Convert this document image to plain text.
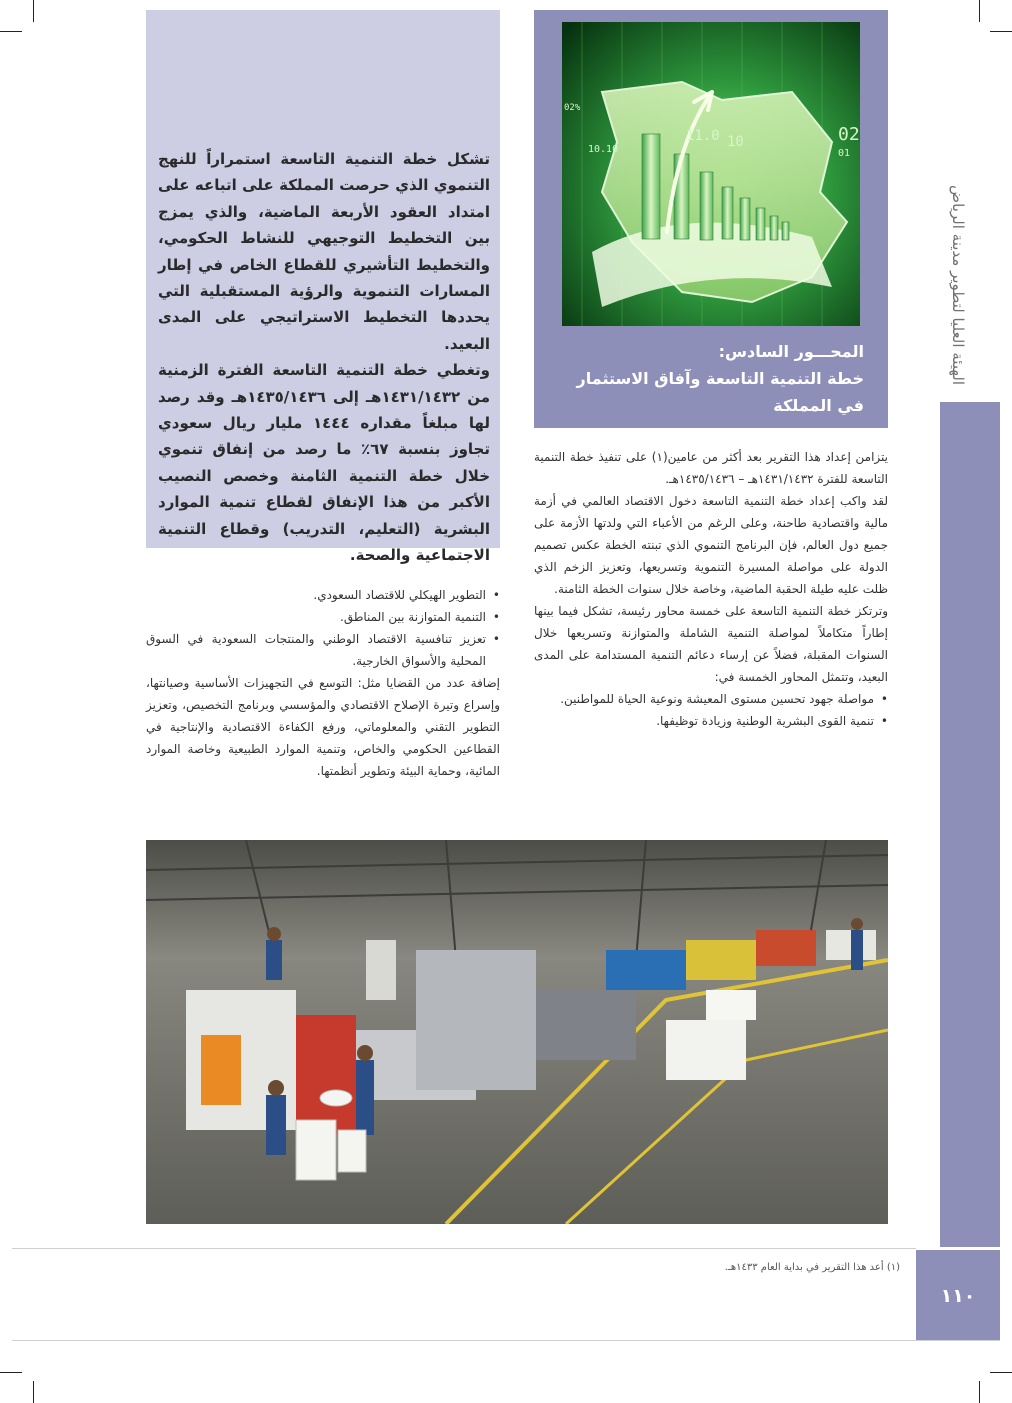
الهيئة العليا لتطوير مدينة الرياض
١١٠
(١) أعد هذا التقرير في بداية العام ١٤٣٣هـ.
02%
11.0 10
10.10
02
01
المحـــور السادس:
خطة التنمية التاسعة وآفاق الاستثمار
في المملكة
تشكل خطة التنمية التاسعة استمراراً للنهج التنموي الذي حرصت المملكة على اتباعه على امتداد العقود الأربعة الماضية، والذي يمزج بين التخطيط التوجيهي للنشاط الحكومي، والتخطيط التأشيري للقطاع الخاص في إطار المسارات التنموية والرؤية المستقبلية التي يحددها التخطيط الاستراتيجي على المدى البعيد.
وتغطي خطة التنمية التاسعة الفترة الزمنية من ١٤٣١/١٤٣٢هـ إلى ١٤٣٥/١٤٣٦هـ وقد رصد لها مبلغاً مقداره ١٤٤٤ مليار ريال سعودي تجاوز بنسبة ٦٧٪ ما رصد من إنفاق تنموي خلال خطة التنمية الثامنة وخصص النصيب الأكبر من هذا الإنفاق لقطاع تنمية الموارد البشرية (التعليم، التدريب) وقطاع التنمية الاجتماعية والصحة.

يتزامن إعداد هذا التقرير بعد أكثر من عامين(١) على تنفيذ خطة التنمية التاسعة للفترة ١٤٣١/١٤٣٢هـ – ١٤٣٥/١٤٣٦هـ.

لقد واكب إعداد خطة التنمية التاسعة دخول الاقتصاد العالمي في أزمة مالية واقتصادية طاحنة، وعلى الرغم من الأعباء التي ولدتها الأزمة على جميع دول العالم، فإن البرنامج التنموي الذي تبنته الخطة عكس تصميم الدولة على مواصلة المسيرة التنموية وتسريعها، وتعزيز الزخم الذي ظلت عليه طيلة الحقبة الماضية، وخاصة خلال سنوات الخطة الثامنة.

وترتكز خطة التنمية التاسعة على خمسة محاور رئيسة، تشكل فيما بينها إطاراً متكاملاً لمواصلة التنمية الشاملة والمتوازنة وتسريعها خلال السنوات المقبلة، فضلاً عن إرساء دعائم التنمية المستدامة على المدى البعيد، وتتمثل المحاور الخمسة في:

• مواصلة جهود تحسين مستوى المعيشة ونوعية الحياة للمواطنين.
• تنمية القوى البشرية الوطنية وزيادة توظيفها.
• التطوير الهيكلي للاقتصاد السعودي.
• التنمية المتوازنة بين المناطق.
• تعزيز تنافسية الاقتصاد الوطني والمنتجات السعودية في السوق المحلية والأسواق الخارجية.

إضافة عدد من القضايا مثل: التوسع في التجهيزات الأساسية وصيانتها، وإسراع وتيرة الإصلاح الاقتصادي والمؤسسي وبرنامج التخصيص، وتعزيز التطوير التقني والمعلوماتي، ورفع الكفاءة الاقتصادية والإنتاجية في القطاعين الحكومي والخاص، وتنمية الموارد الطبيعية وخاصة الموارد المائية، وحماية البيئة وتطوير أنظمتها.
